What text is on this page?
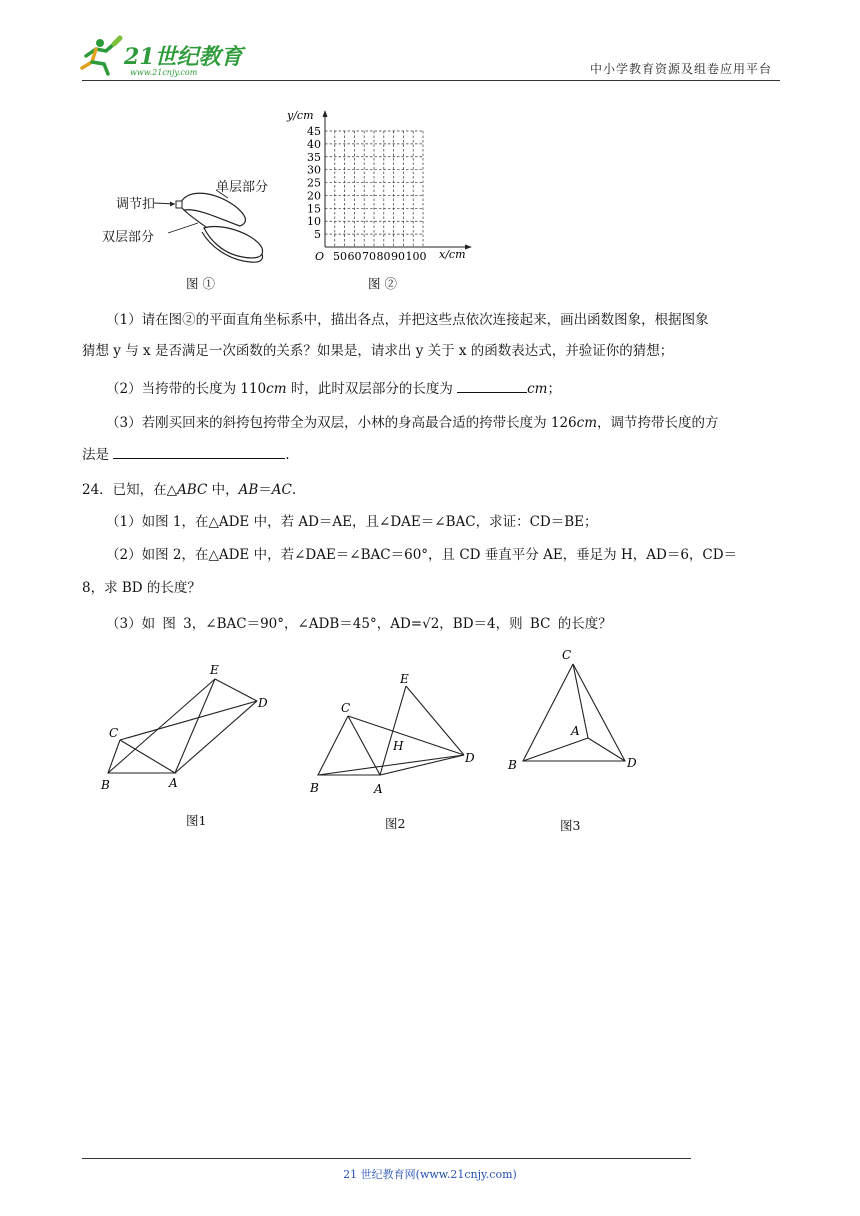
21世纪教育
www.21cnjy.com	中小学教育资源及组卷应用平台
调节扣
单层部分
双层部分
图 ①
y/cm
x/cm
O
5
10
15
20
25
30
35
40
45
50 60 70 80 90 100
图 ②
（1）请在图②的平面直角坐标系中，描出各点，并把这些点依次连接起来，画出函数图象，根据图象
猜想 y 与 x 是否满足一次函数的关系？如果是，请求出 y 关于 x 的函数表达式，并验证你的猜想；
（2）当挎带的长度为 110cm 时，此时双层部分的长度为	cm；
（3）若刚买回来的斜挎包挎带全为双层，小林的身高最合适的挎带长度为 126cm，调节挎带长度的方
法是	.
24．已知，在△ABC 中，AB＝AC.
（1）如图 1，在△ADE 中，若 AD＝AE，且∠DAE＝∠BAC，求证：CD＝BE；
（2）如图 2，在△ADE 中，若∠DAE＝∠BAC＝60°，且 CD 垂直平分 AE，垂足为 H，AD＝6，CD＝
8，求 BD 的长度？
（3）如 图 3，∠BAC＝90°，∠ADB＝45°，AD=√2，BD＝4，则 BC 的长度？
E
D
C
B	A
图1
E
C
H
D
B	A
图2
C
A
B	D
图3
21 世纪教育网(www.21cnjy.com)
